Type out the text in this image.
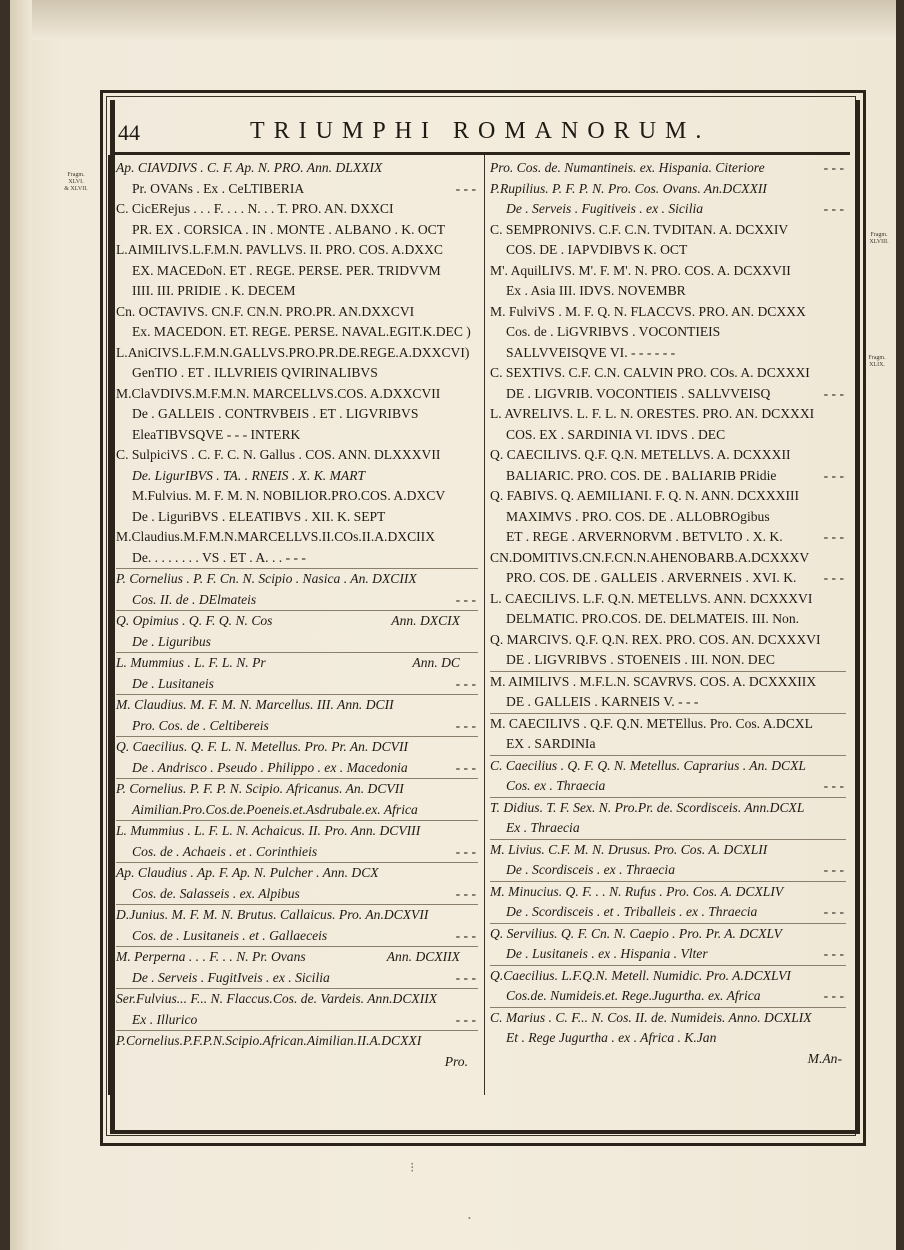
44	TRIUMPHI ROMANORUM.
Fragm.
XLVI.
& XLVII.
Fragm.
XLVIII.
Fragm.
XLIX.
Ap. CIAVDIVS . C. F. Ap. N. PRO. Ann. DLXXIX
Pr. OVANs . Ex . CeLTIBERIA	- - -
C. CicERejus . . . F. . . . N. . . T. PRO. AN. DXXCI
PR. EX . CORSICA . IN . MONTE . ALBANO . K. OCT
L.AIMILIVS.L.F.M.N. PAVLLVS. II. PRO. COS. A.DXXC
EX. MACEDoN. ET . REGE. PERSE. PER. TRIDVVM
IIII. III. PRIDIE . K. DECEM
Cn. OCTAVIVS. CN.F. CN.N. PRO.PR. AN.DXXCVI
Ex. MACEDON. ET. REGE. PERSE. NAVAL.EGIT.K.DEC )
L.AniCIVS.L.F.M.N.GALLVS.PRO.PR.DE.REGE.A.DXXCVI)
GenTIO . ET . ILLVRIEIS QVIRINALIBVS
M.ClaVDIVS.M.F.M.N. MARCELLVS.COS. A.DXXCVII
De . GALLEIS . CONTRVBEIS . ET . LIGVRIBVS
EleaTIBVSQVE - - - INTERK
C. SulpiciVS . C. F. C. N. Gallus . COS. ANN. DLXXXVII
De. LigurIBVS . TA. . RNEIS . X. K. MART
M.Fulvius. M. F. M. N. NOBILIOR.PRO.COS. A.DXCV
De . LiguriBVS . ELEATIBVS . XII. K. SEPT
M.Claudius.M.F.M.N.MARCELLVS.II.COs.II.A.DXCIIX
De. . . . . . . . VS . ET . A. . . - - -
P. Cornelius . P. F. Cn. N. Scipio . Nasica . An. DXCIIX
Cos. II. de . DElmateis	- - -
Q. Opimius . Q. F. Q. N. Cos	Ann. DXCIX
De . Liguribus
L. Mummius . L. F. L. N. Pr	Ann. DC
De . Lusitaneis	- - -
M. Claudius. M. F. M. N. Marcellus. III. Ann. DCII
Pro. Cos. de . Celtibereis	- - -
Q. Caecilius. Q. F. L. N. Metellus. Pro. Pr. An. DCVII
De . Andrisco . Pseudo . Philippo . ex . Macedonia	- - -
P. Cornelius. P. F. P. N. Scipio. Africanus. An. DCVII
Aimilian.Pro.Cos.de.Poeneis.et.Asdrubale.ex. Africa
L. Mummius . L. F. L. N. Achaicus. II. Pro. Ann. DCVIII
Cos. de . Achaeis . et . Corinthieis	- - -
Ap. Claudius . Ap. F. Ap. N. Pulcher . Ann. DCX
Cos. de. Salasseis . ex. Alpibus	- - -
D.Junius. M. F. M. N. Brutus. Callaicus. Pro. An.DCXVII
Cos. de . Lusitaneis . et . Gallaeceis	- - -
M. Perperna . . . F. . . N. Pr. Ovans	Ann. DCXIIX
De . Serveis . FugitIveis . ex . Sicilia	- - -
Ser.Fulvius... F... N. Flaccus.Cos. de. Vardeis. Ann.DCXIIX
Ex . Illurico	- - -
P.Cornelius.P.F.P.N.Scipio.African.Aimilian.II.A.DCXXI
Pro.
Pro. Cos. de. Numantineis. ex. Hispania. Citeriore	- - -
P.Rupilius. P. F. P. N. Pro. Cos. Ovans. An.DCXXII
De . Serveis . Fugitiveis . ex . Sicilia	- - -
C. SEMPRONIVS. C.F. C.N. TVDITAN. A. DCXXIV
COS. DE . IAPVDIBVS K. OCT
M'. AquilLIVS. M'. F. M'. N. PRO. COS. A. DCXXVII
Ex . Asia III. IDVS. NOVEMBR
M. FulviVS . M. F. Q. N. FLACCVS. PRO. AN. DCXXX
Cos. de . LiGVRIBVS . VOCONTIEIS
SALLVVEISQVE VI. - - - - - -
C. SEXTIVS. C.F. C.N. CALVIN PRO. COs. A. DCXXXI
DE . LIGVRIB. VOCONTIEIS . SALLVVEISQ	- - -
L. AVRELIVS. L. F. L. N. ORESTES. PRO. AN. DCXXXI
COS. EX . SARDINIA VI. IDVS . DEC
Q. CAECILIVS. Q.F. Q.N. METELLVS. A. DCXXXII
BALIARIC. PRO. COS. DE . BALIARIB PRidie	- - -
Q. FABIVS. Q. AEMILIANI. F. Q. N. ANN. DCXXXIII
MAXIMVS . PRO. COS. DE . ALLOBROgibus
ET . REGE . ARVERNORVM . BETVLTO . X. K.	- - -
CN.DOMITIVS.CN.F.CN.N.AHENOBARB.A.DCXXXV
PRO. COS. DE . GALLEIS . ARVERNEIS . XVI. K. - - -
L. CAECILIVS. L.F. Q.N. METELLVS. ANN. DCXXXVI
DELMATIC. PRO.COS. DE. DELMATEIS. III. Non.
Q. MARCIVS. Q.F. Q.N. REX. PRO. COS. AN. DCXXXVI
DE . LIGVRIBVS . STOENEIS . III. NON. DEC
M. AIMILIVS . M.F.L.N. SCAVRVS. COS. A. DCXXXIIX
DE . GALLEIS . KARNEIS V. - - -
M. CAECILIVS . Q.F. Q.N. METEllus. Pro. Cos. A.DCXL
EX . SARDINIa
C. Caecilius . Q. F. Q. N. Metellus. Caprarius . An. DCXL
Cos. ex . Thraecia	- - -
T. Didius. T. F. Sex. N. Pro.Pr. de. Scordisceis. Ann.DCXL
Ex . Thraecia
M. Livius. C.F. M. N. Drusus. Pro. Cos. A. DCXLII
De . Scordisceis . ex . Thraecia	- - -
M. Minucius. Q. F. . . N. Rufus . Pro. Cos. A. DCXLIV
De . Scordisceis . et . Triballeis . ex . Thraecia	- - -
Q. Servilius. Q. F. Cn. N. Caepio . Pro. Pr. A. DCXLV
De . Lusitaneis . ex . Hispania . Vlter	- - -
Q.Caecilius. L.F.Q.N. Metell. Numidic. Pro. A.DCXLVI
Cos.de. Numideis.et. Rege.Jugurtha. ex. Africa	- - -
C. Marius . C. F... N. Cos. II. de. Numideis. Anno. DCXLIX
Et . Rege Jugurtha . ex . Africa . K.Jan
M.An-
⁝
•
